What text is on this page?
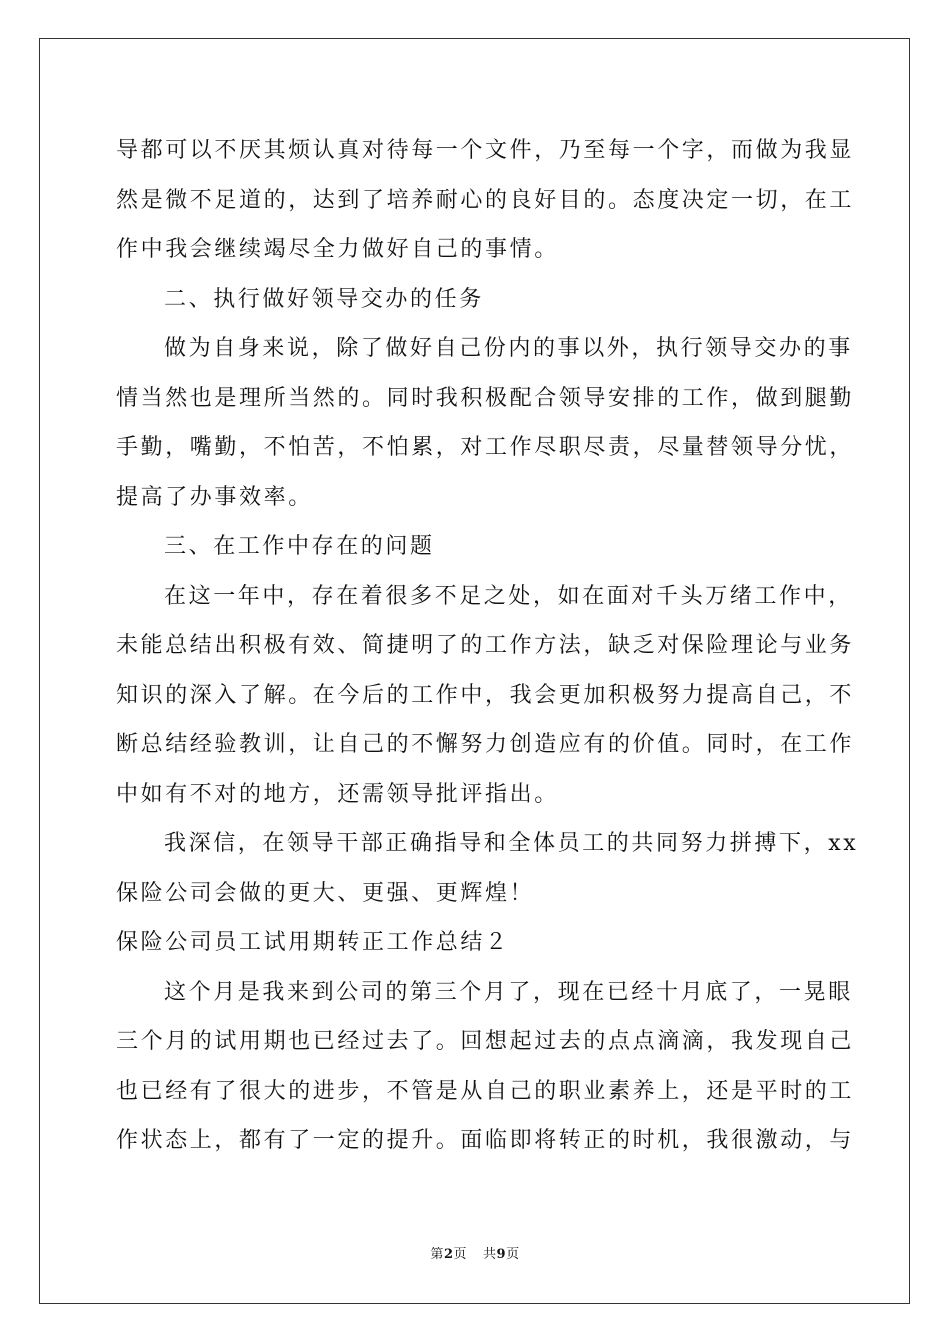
导都可以不厌其烦认真对待每一个文件，乃至每一个字，而做为我显
然是微不足道的，达到了培养耐心的良好目的。态度决定一切，在工
作中我会继续竭尽全力做好自己的事情。
二、执行做好领导交办的任务
做为自身来说，除了做好自己份内的事以外，执行领导交办的事
情当然也是理所当然的。同时我积极配合领导安排的工作，做到腿勤
手勤，嘴勤，不怕苦，不怕累，对工作尽职尽责，尽量替领导分忧，
提高了办事效率。
三、在工作中存在的问题
在这一年中，存在着很多不足之处，如在面对千头万绪工作中，
未能总结出积极有效、简捷明了的工作方法，缺乏对保险理论与业务
知识的深入了解。在今后的工作中，我会更加积极努力提高自己，不
断总结经验教训，让自己的不懈努力创造应有的价值。同时，在工作
中如有不对的地方，还需领导批评指出。
我深信，在领导干部正确指导和全体员工的共同努力拼搏下，xx
保险公司会做的更大、更强、更辉煌！
保险公司员工试用期转正工作总结２
这个月是我来到公司的第三个月了，现在已经十月底了，一晃眼
三个月的试用期也已经过去了。回想起过去的点点滴滴，我发现自己
也已经有了很大的进步，不管是从自己的职业素养上，还是平时的工
作状态上，都有了一定的提升。面临即将转正的时机，我很激动，与
第2页 共9页
